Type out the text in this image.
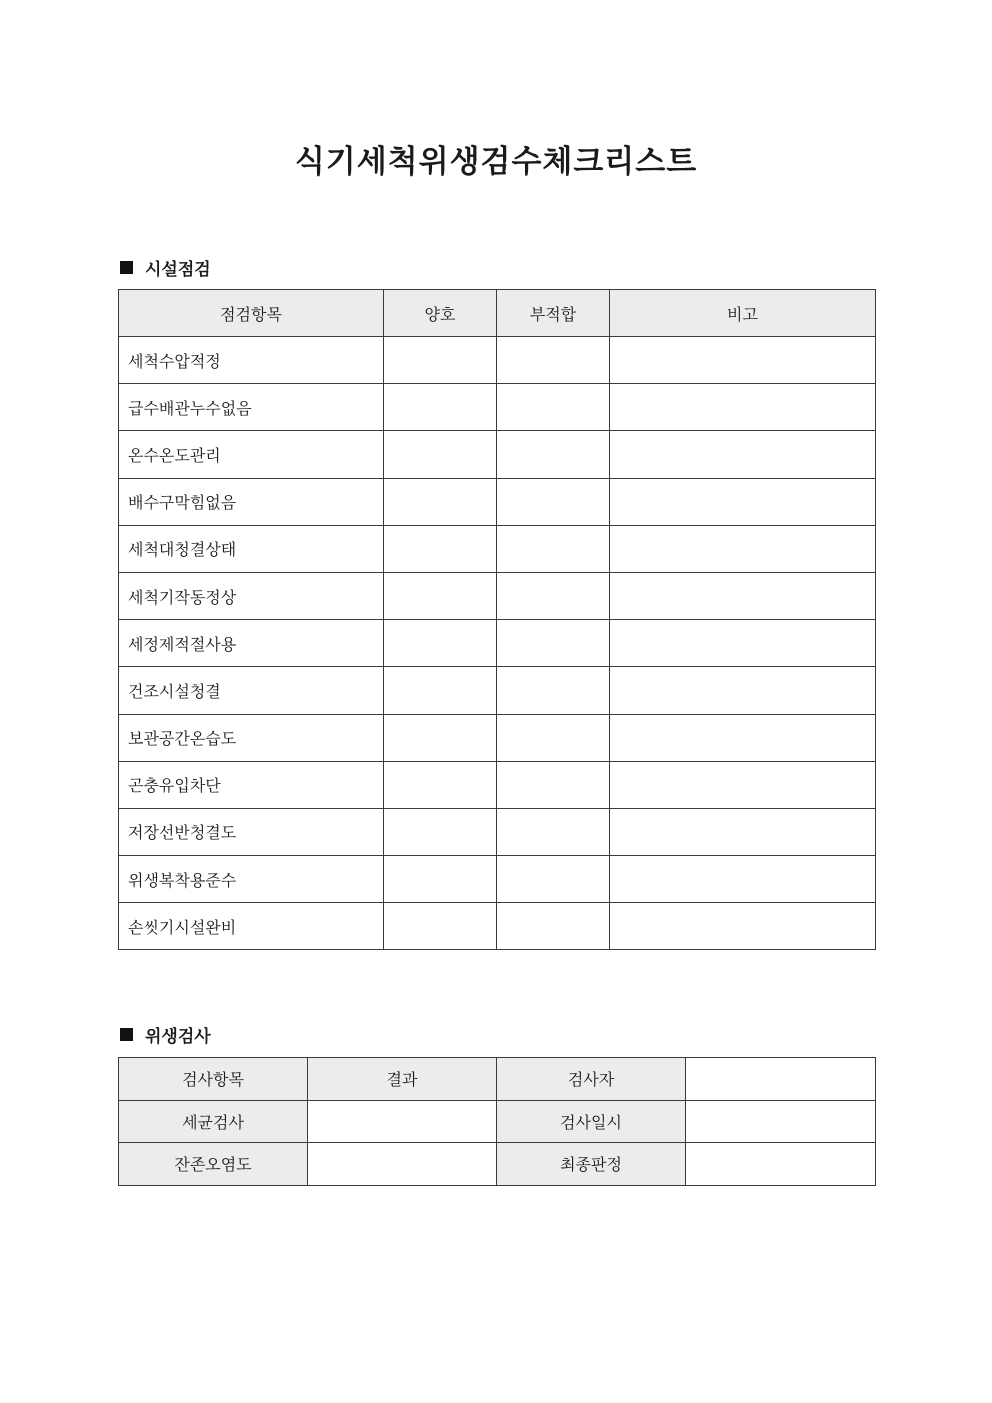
식기세척위생검수체크리스트
시설점검
점검항목	양호	부적합	비고
세척수압적정			
급수배관누수없음			
온수온도관리			
배수구막힘없음			
세척대청결상태			
세척기작동정상			
세정제적절사용			
건조시설청결			
보관공간온습도			
곤충유입차단			
저장선반청결도			
위생복착용준수			
손씻기시설완비			
위생검사
검사항목	결과	검사자	
세균검사		검사일시	
잔존오염도		최종판정	
